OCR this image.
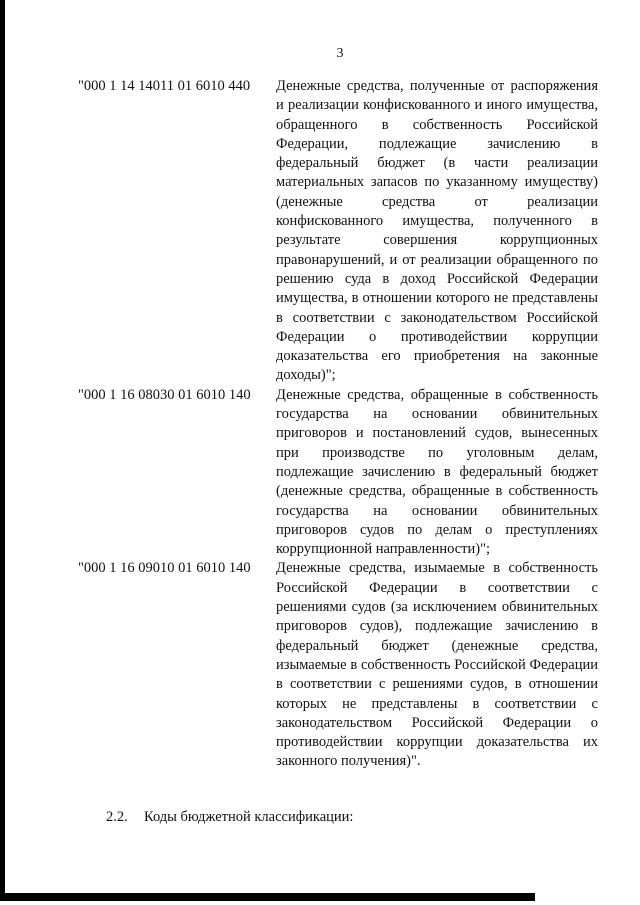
3
"000 1 14 14011 01 6010 440	Денежные средства, полученные от распоряжения и реализации конфискованного и иного имущества, обращенного в собственность Российской Федерации, подлежащие зачислению в федеральный бюджет (в части реализации материальных запасов по указанному имуществу) (денежные средства от реализации конфискованного имущества, полученного в результате совершения коррупционных правонарушений, и от реализации обращенного по решению суда в доход Российской Федерации имущества, в отношении которого не представлены в соответствии с законодательством Российской Федерации о противодействии коррупции доказательства его приобретения на законные доходы)";
"000 1 16 08030 01 6010 140	Денежные средства, обращенные в собственность государства на основании обвинительных приговоров и постановлений судов, вынесенных при производстве по уголовным делам, подлежащие зачислению в федеральный бюджет (денежные средства, обращенные в собственность государства на основании обвинительных приговоров судов по делам о преступлениях коррупционной направленности)";
"000 1 16 09010 01 6010 140	Денежные средства, изымаемые в собственность Российской Федерации в соответствии с решениями судов (за исключением обвинительных приговоров судов), подлежащие зачислению в федеральный бюджет (денежные средства, изымаемые в собственность Российской Федерации в соответствии с решениями судов, в отношении которых не представлены в соответствии с законодательством Российской Федерации о противодействии коррупции доказательства их законного получения)".
2.2. Коды бюджетной классификации:
